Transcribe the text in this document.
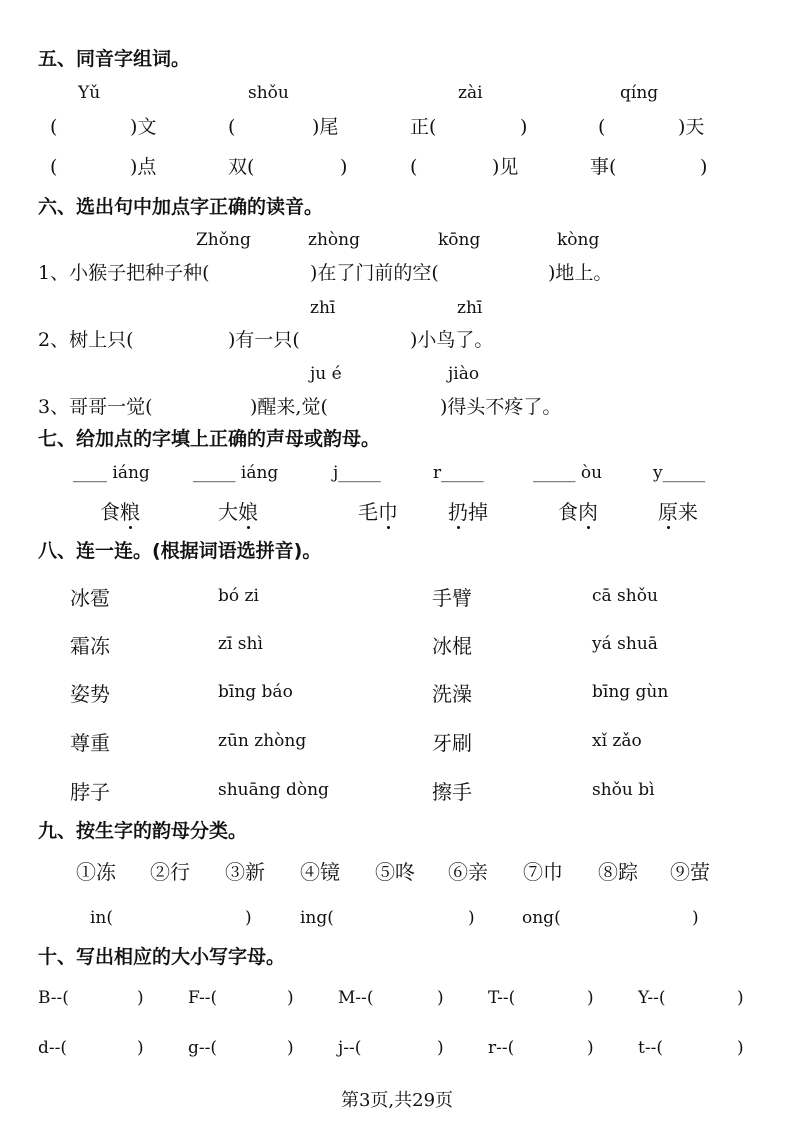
五、同音字组词。
Yǔ	shǒu	zài	qíng
(	)文	(	)尾	正(	)	(	)天
(	)点	双(	)	(	)见	事(	)
六、选出句中加点字正确的读音。
Zhǒng	zhòng	kōng	kòng
1、小猴子把种子种(	)在了门前的空(	)地上。
zhī	zhī
2、树上只(	)有一只(	)小鸟了。
ju é	jiào
3、哥哥一觉(	)醒来,觉(	)得头不疼了。
七、给加点的字填上正确的声母或韵母。
____ iáng	_____ iáng	j_____	r_____	_____ òu	y_____
食粮	大娘	毛巾	扔掉	食肉	原来
八、连一连。(根据词语选拼音)。
冰雹	bó zi	手臂	cā shǒu
霜冻	zī shì	冰棍	yá shuā
姿势	bīng báo	洗澡	bīng gùn
尊重	zūn zhòng	牙刷	xǐ zǎo
脖子	shuāng dòng	擦手	shǒu bì
九、按生字的韵母分类。
①冻 ②行 ③新 ④镜 ⑤咚 ⑥亲 ⑦巾 ⑧踪 ⑨萤
in(	)	ing(	)	ong(	)
十、写出相应的大小写字母。
B--(	)	F--(	)	M--(	)	T--(	)	Y--(	)
d--(	)	g--(	)	j--(	)	r--(	)	t--(	)
第3页,共29页
